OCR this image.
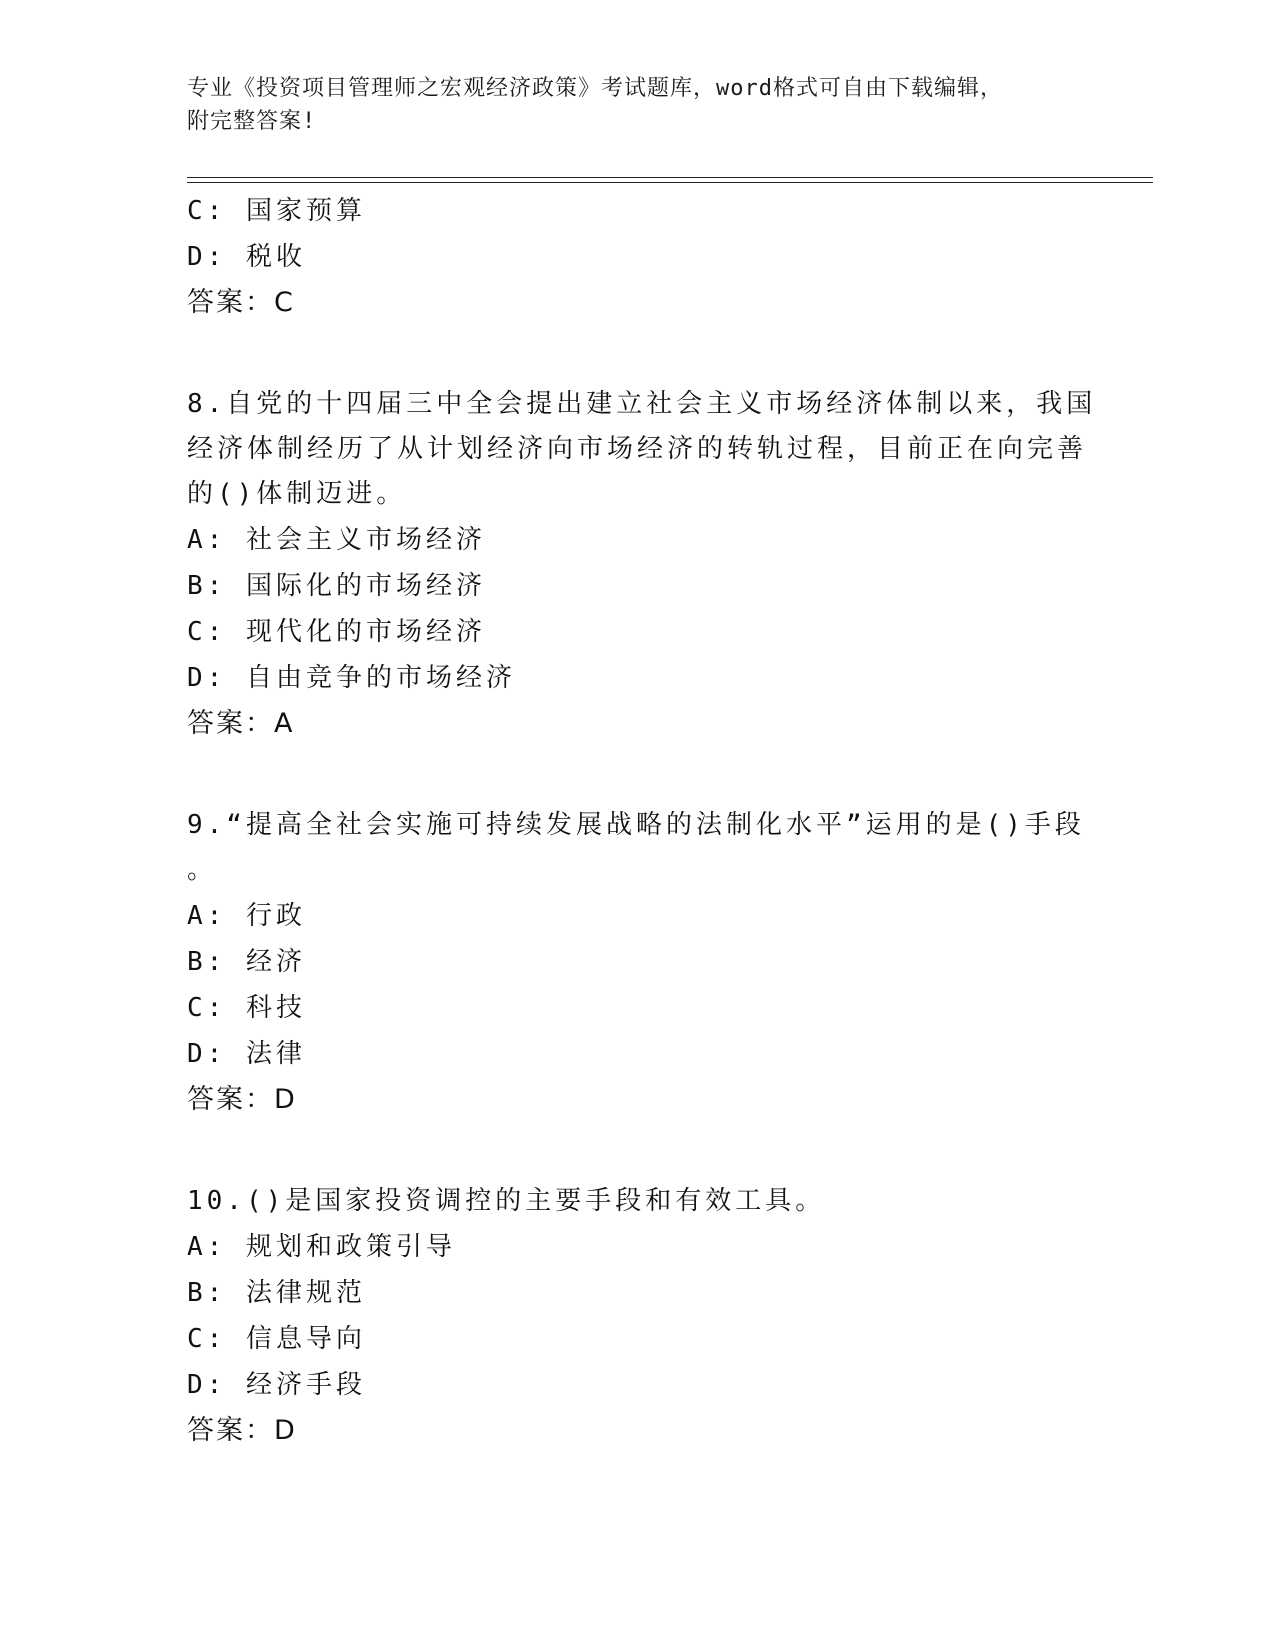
专业《投资项目管理师之宏观经济政策》考试题库，word格式可自由下载编辑，
附完整答案!
C: 国家预算
D: 税收
答案：C
8.自党的十四届三中全会提出建立社会主义市场经济体制以来，我国
经济体制经历了从计划经济向市场经济的转轨过程，目前正在向完善
的()体制迈进。
A: 社会主义市场经济
B: 国际化的市场经济
C: 现代化的市场经济
D: 自由竞争的市场经济
答案：A
9.“提高全社会实施可持续发展战略的法制化水平”运用的是()手段
。
A: 行政
B: 经济
C: 科技
D: 法律
答案：D
10.()是国家投资调控的主要手段和有效工具。
A: 规划和政策引导
B: 法律规范
C: 信息导向
D: 经济手段
答案：D
